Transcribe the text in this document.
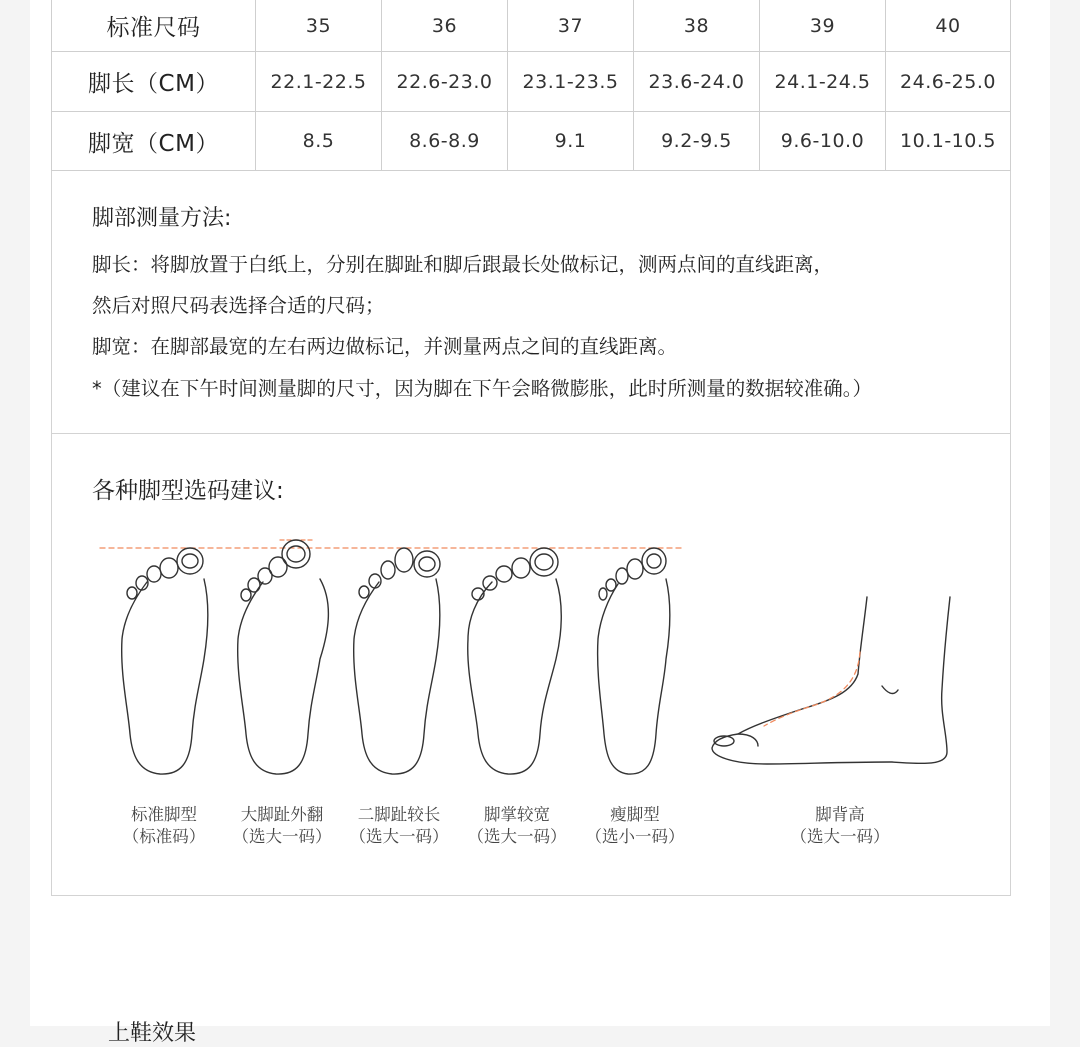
标准尺码	35	36	37	38	39	40
脚长（CM）	22.1-22.5	22.6-23.0	23.1-23.5	23.6-24.0	24.1-24.5	24.6-25.0
脚宽（CM）	8.5	8.6-8.9	9.1	9.2-9.5	9.6-10.0	10.1-10.5
脚部测量方法:
脚长：将脚放置于白纸上，分别在脚趾和脚后跟最长处做标记，测两点间的直线距离，
然后对照尺码表选择合适的尺码；
脚宽：在脚部最宽的左右两边做标记，并测量两点之间的直线距离。
*（建议在下午时间测量脚的尺寸，因为脚在下午会略微膨胀，此时所测量的数据较准确。）
各种脚型选码建议:
标准脚型
（标准码）
大脚趾外翻
（选大一码）
二脚趾较长
（选大一码）
脚掌较宽
（选大一码）
瘦脚型
（选小一码）
脚背高
（选大一码）
上鞋效果
